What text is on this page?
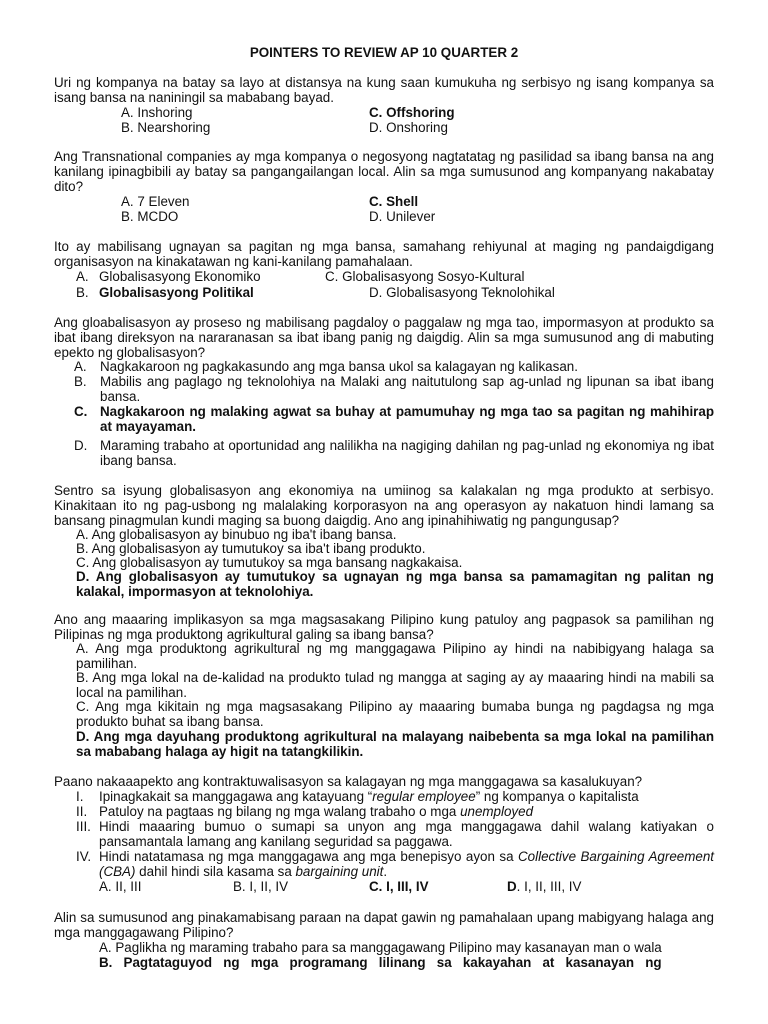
POINTERS TO REVIEW AP 10 QUARTER 2
Uri ng kompanya na batay sa layo at distansya na kung saan kumukuha ng serbisyo ng isang kompanya sa isang bansa na naniningil sa mababang bayad.
A. Inshoring	C. Offshoring
B. Nearshoring	D. Onshoring
Ang Transnational companies ay mga kompanya o negosyong nagtatatag ng pasilidad sa ibang bansa na ang kanilang ipinagbibili ay batay sa pangangailangan local. Alin sa mga sumusunod ang kompanyang nakabatay dito?
A. 7 Eleven	C. Shell
B. MCDO	D. Unilever
Ito ay mabilisang ugnayan sa pagitan ng mga bansa, samahang rehiyunal at maging ng pandaigdigang organisasyon na kinakatawan ng kani-kanilang pamahalaan.
A. Globalisasyong Ekonomiko	C. Globalisasyong Sosyo-Kultural
B. Globalisasyong Politikal	D. Globalisasyong Teknolohikal
Ang gloabalisasyon ay proseso ng mabilisang pagdaloy o paggalaw ng mga tao, impormasyon at produkto sa ibat ibang direksyon na nararanasan sa ibat ibang panig ng daigdig. Alin sa mga sumusunod ang di mabuting epekto ng globalisasyon?
A. Nagkakaroon ng pagkakasundo ang mga bansa ukol sa kalagayan ng kalikasan.
B. Mabilis ang paglago ng teknolohiya na Malaki ang naitutulong sap ag-unlad ng lipunan sa ibat ibang bansa.
C. Nagkakaroon ng malaking agwat sa buhay at pamumuhay ng mga tao sa pagitan ng mahihirap at mayayaman.
D. Maraming trabaho at oportunidad ang nalilikha na nagiging dahilan ng pag-unlad ng ekonomiya ng ibat ibang bansa.
Sentro sa isyung globalisasyon ang ekonomiya na umiinog sa kalakalan ng mga produkto at serbisyo. Kinakitaan ito ng pag-usbong ng malalaking korporasyon na ang operasyon ay nakatuon hindi lamang sa bansang pinagmulan kundi maging sa buong daigdig. Ano ang ipinahihiwatig ng pangungusap?
A. Ang globalisasyon ay binubuo ng iba't ibang bansa.
B. Ang globalisasyon ay tumutukoy sa iba't ibang produkto.
C. Ang globalisasyon ay tumutukoy sa mga bansang nagkakaisa.
D. Ang globalisasyon ay tumutukoy sa ugnayan ng mga bansa sa pamamagitan ng palitan ng kalakal, impormasyon at teknolohiya.
Ano ang maaaring implikasyon sa mga magsasakang Pilipino kung patuloy ang pagpasok sa pamilihan ng Pilipinas ng mga produktong agrikultural galing sa ibang bansa?
A. Ang mga produktong agrikultural ng mg manggagawa Pilipino ay hindi na nabibigyang halaga sa pamilihan.
B. Ang mga lokal na de-kalidad na produkto tulad ng mangga at saging ay ay maaaring hindi na mabili sa local na pamilihan.
C. Ang mga kikitain ng mga magsasakang Pilipino ay maaaring bumaba bunga ng pagdagsa ng mga produkto buhat sa ibang bansa.
D. Ang mga dayuhang produktong agrikultural na malayang naibebenta sa mga lokal na pamilihan sa mababang halaga ay higit na tatangkilikin.
Paano nakaaapekto ang kontraktuwalisasyon sa kalagayan ng mga manggagawa sa kasalukuyan?
I. Ipinagkakait sa manggagawa ang katayuang “regular employee” ng kompanya o kapitalista
II. Patuloy na pagtaas ng bilang ng mga walang trabaho o mga unemployed
III. Hindi maaaring bumuo o sumapi sa unyon ang mga manggagawa dahil walang katiyakan o pansamantala lamang ang kanilang seguridad sa paggawa.
IV. Hindi natatamasa ng mga manggagawa ang mga benepisyo ayon sa Collective Bargaining Agreement (CBA) dahil hindi sila kasama sa bargaining unit.
A. II, III	B. I, II, IV	C. I, III, IV	D. I, II, III, IV
Alin sa sumusunod ang pinakamabisang paraan na dapat gawin ng pamahalaan upang mabigyang halaga ang mga manggagawang Pilipino?
A. Paglikha ng maraming trabaho para sa manggagawang Pilipino may kasanayan man o wala
B.   Pagtataguyod   ng   mga   programang   lilinang   sa   kakayahan   at   kasanayan   ng
